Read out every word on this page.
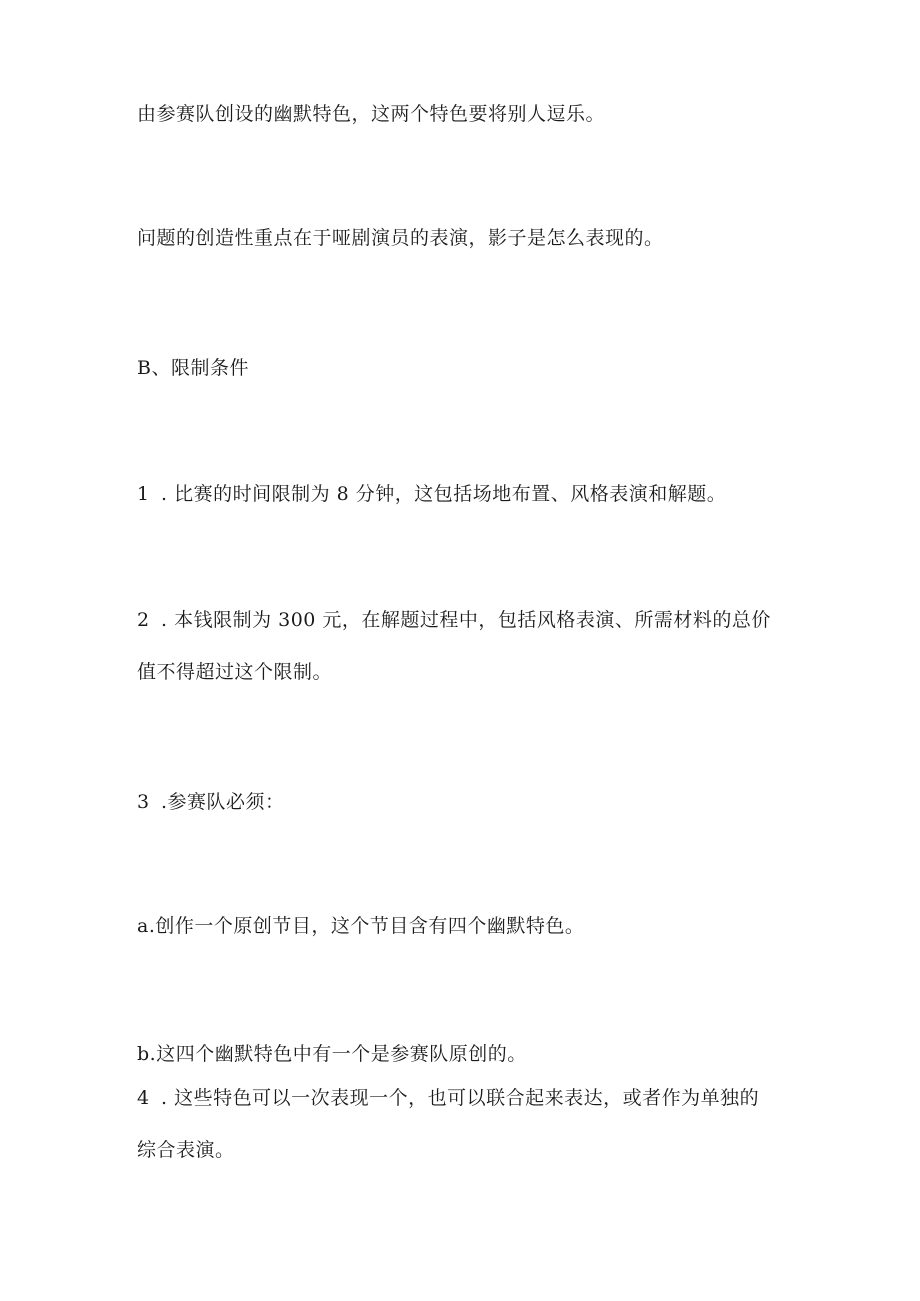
由参赛队创设的幽默特色，这两个特色要将别人逗乐。
问题的创造性重点在于哑剧演员的表演，影子是怎么表现的。
B、限制条件
1 . 比赛的时间限制为 8 分钟，这包括场地布置、风格表演和解题。
2 . 本钱限制为 300 元，在解题过程中，包括风格表演、所需材料的总价
值不得超过这个限制。
3 .参赛队必须：
a.创作一个原创节目，这个节目含有四个幽默特色。
b.这四个幽默特色中有一个是参赛队原创的。
4 . 这些特色可以一次表现一个，也可以联合起来表达，或者作为单独的
综合表演。
